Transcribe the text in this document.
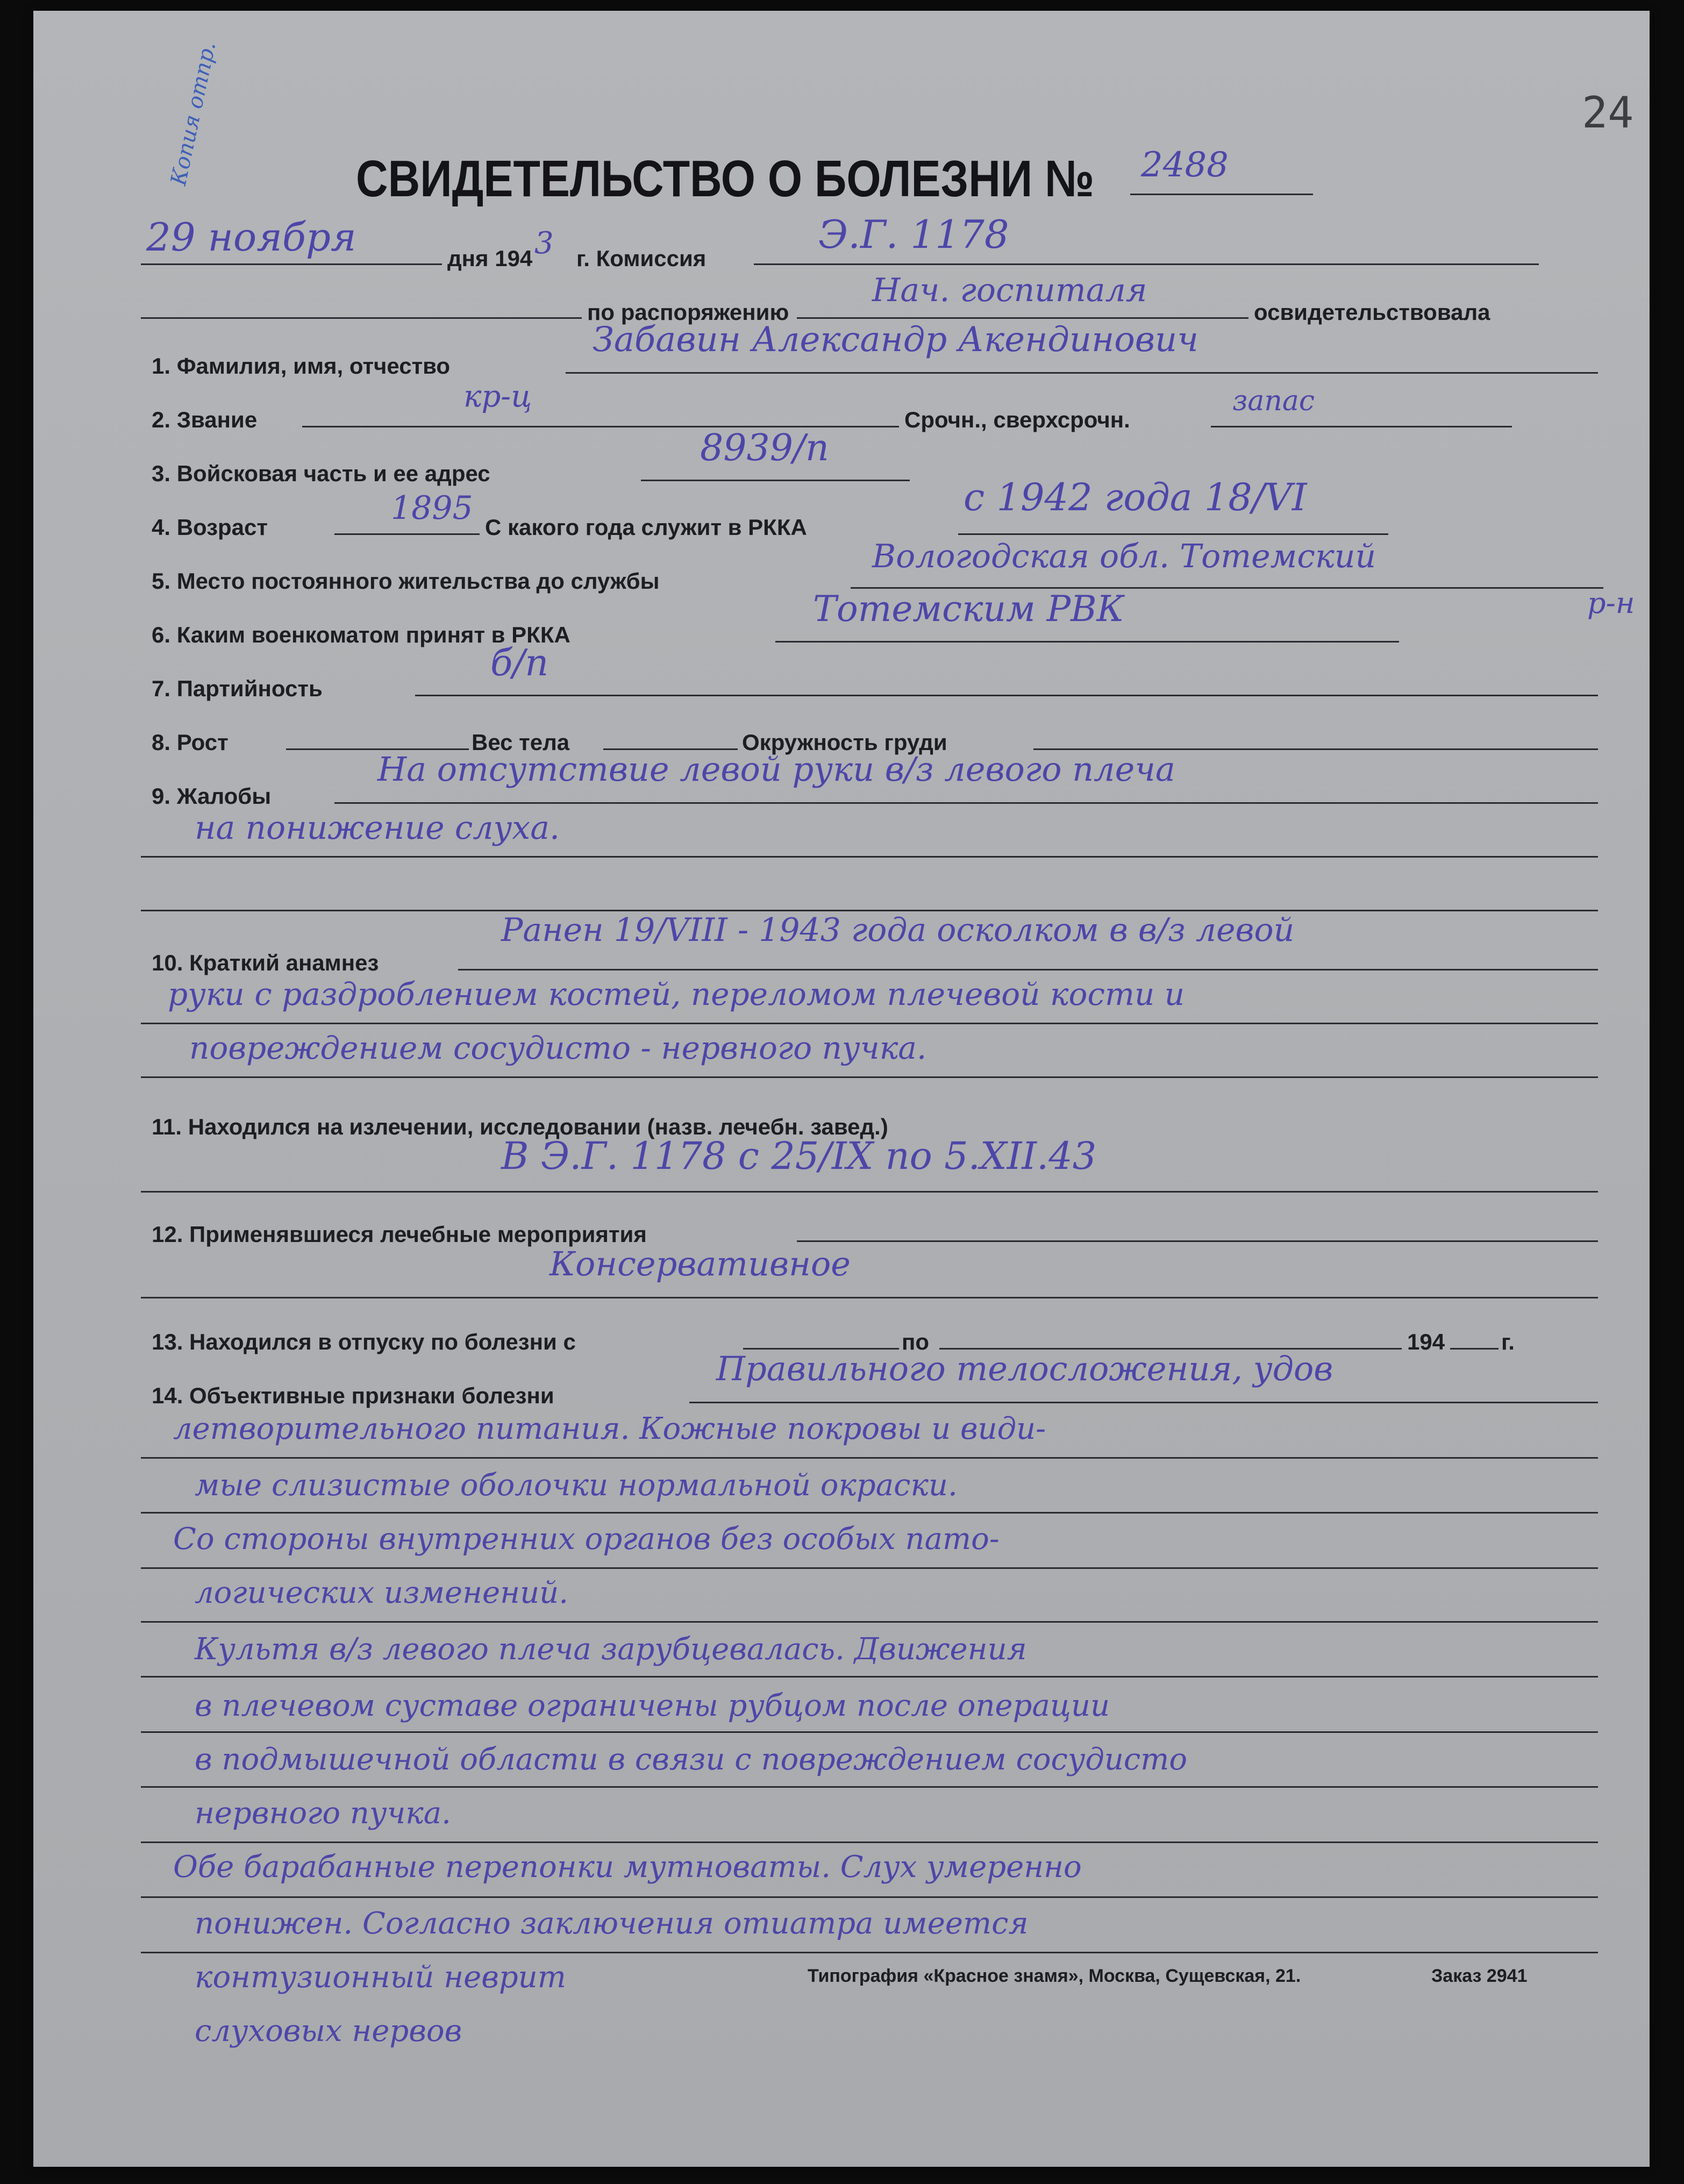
24
Копия отпр.	СВИДЕТЕЛЬСТВО О БОЛЕЗНИ № 2488
29 ноября	дня 194 3 г. Комиссия
Э.Г. 1178
по распоряжению
Нач. госпиталя
освидетельствовала
1. Фамилия, имя, отчество
Забавин Александр Акендинович
2. Звание
кр-ц
Срочн., сверхсрочн.
запас
3. Войсковая часть и ее адрес
8939/п
4. Возраст
1895
С какого года служит в РККА
с 1942 года 18/VI
5. Место постоянного жительства до службы
Вологодская обл. Тотемский
р-н
6. Каким военкоматом принят в РККА
Тотемским РВК
7. Партийность
б/п
8. Рост	Вес тела	Окружность груди
9. Жалобы
На отсутствие левой руки в/з левого плеча
на понижение слуха.
10. Краткий анамнез
Ранен 19/VIII - 1943 года осколком в в/з левой
руки с раздроблением костей, переломом плечевой кости и
повреждением сосудисто - нервного пучка.
11. Находился на излечении, исследовании (назв. лечебн. завед.)
В Э.Г. 1178 с 25/IX по 5.XII.43
12. Применявшиеся лечебные мероприятия
Консервативное
13. Находился в отпуску по болезни с	по	194 г.
14. Объективные признаки болезни
Правильного телосложения, удов
летворительного питания. Кожные покровы и види-
мые слизистые оболочки нормальной окраски.
Со стороны внутренних органов без особых пато-
логических изменений.
Культя в/з левого плеча зарубцевалась. Движения
в плечевом суставе ограничены рубцом после операции
в подмышечной области в связи с повреждением сосудисто
нервного пучка.
Обе барабанные перепонки мутноваты. Слух умеренно
понижен. Согласно заключения отиатра имеется
контузионный неврит
слуховых нервов
Типография «Красное знамя», Москва, Сущевская, 21.	Заказ 2941
